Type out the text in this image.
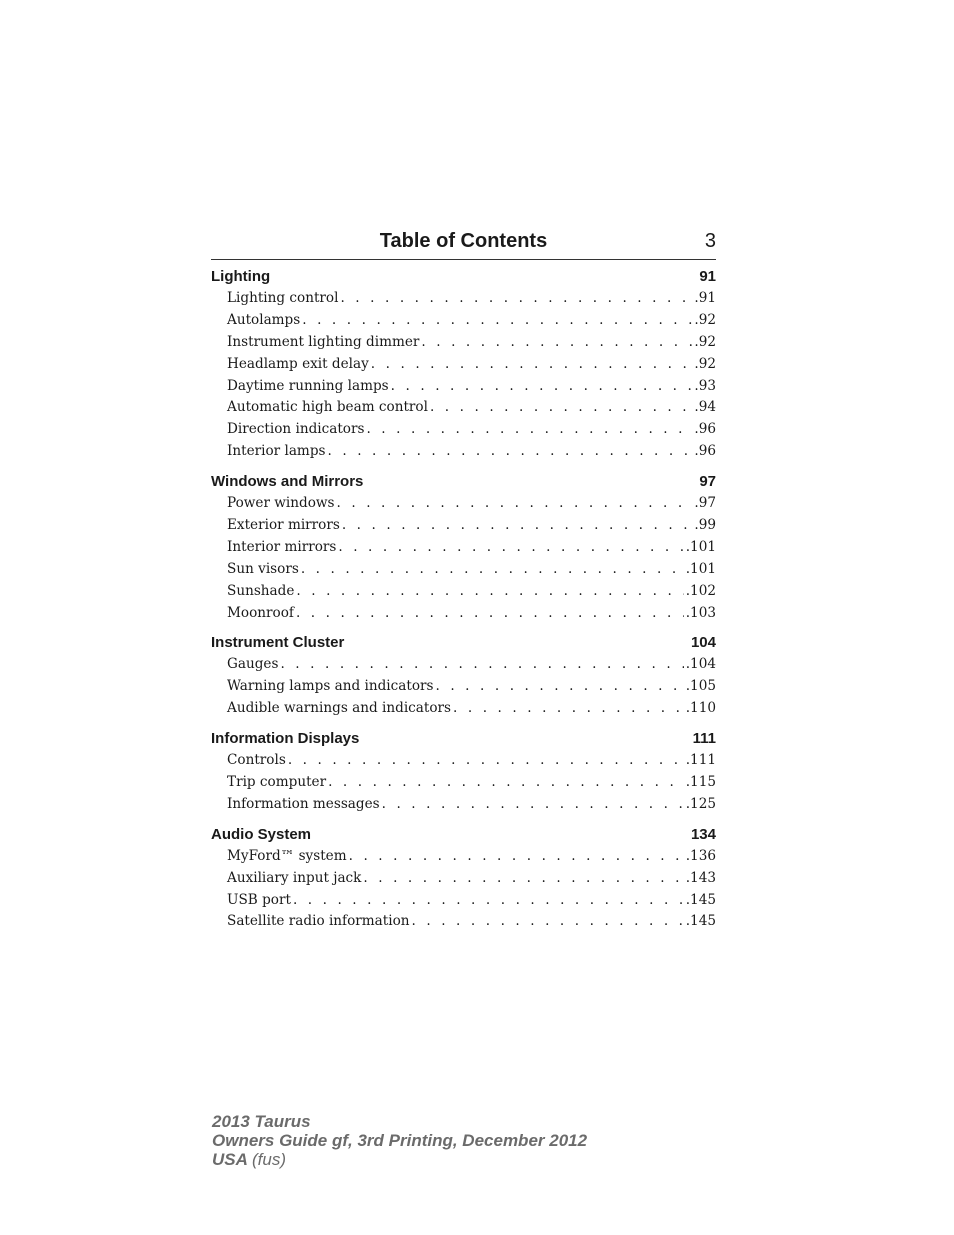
Table of Contents	3
Lighting	91
Lighting control . . .	.91
Autolamps . . .	.92
Instrument lighting dimmer . . .	.92
Headlamp exit delay . . .	.92
Daytime running lamps . . .	.93
Automatic high beam control . . .	.94
Direction indicators . . .	.96
Interior lamps . . .	.96
Windows and Mirrors	97
Power windows . . .	.97
Exterior mirrors . . .	.99
Interior mirrors . . .	.101
Sun visors . . .	.101
Sunshade . . .	.102
Moonroof . . .	.103
Instrument Cluster	104
Gauges . . .	.104
Warning lamps and indicators . . .	.105
Audible warnings and indicators . . .	.110
Information Displays	111
Controls . . .	.111
Trip computer . . .	.115
Information messages . . .	.125
Audio System	134
MyFord™ system . . .	.136
Auxiliary input jack . . .	.143
USB port . . .	.145
Satellite radio information . . .	.145
2013 Taurus
Owners Guide gf, 3rd Printing, December 2012
USA (fus)
